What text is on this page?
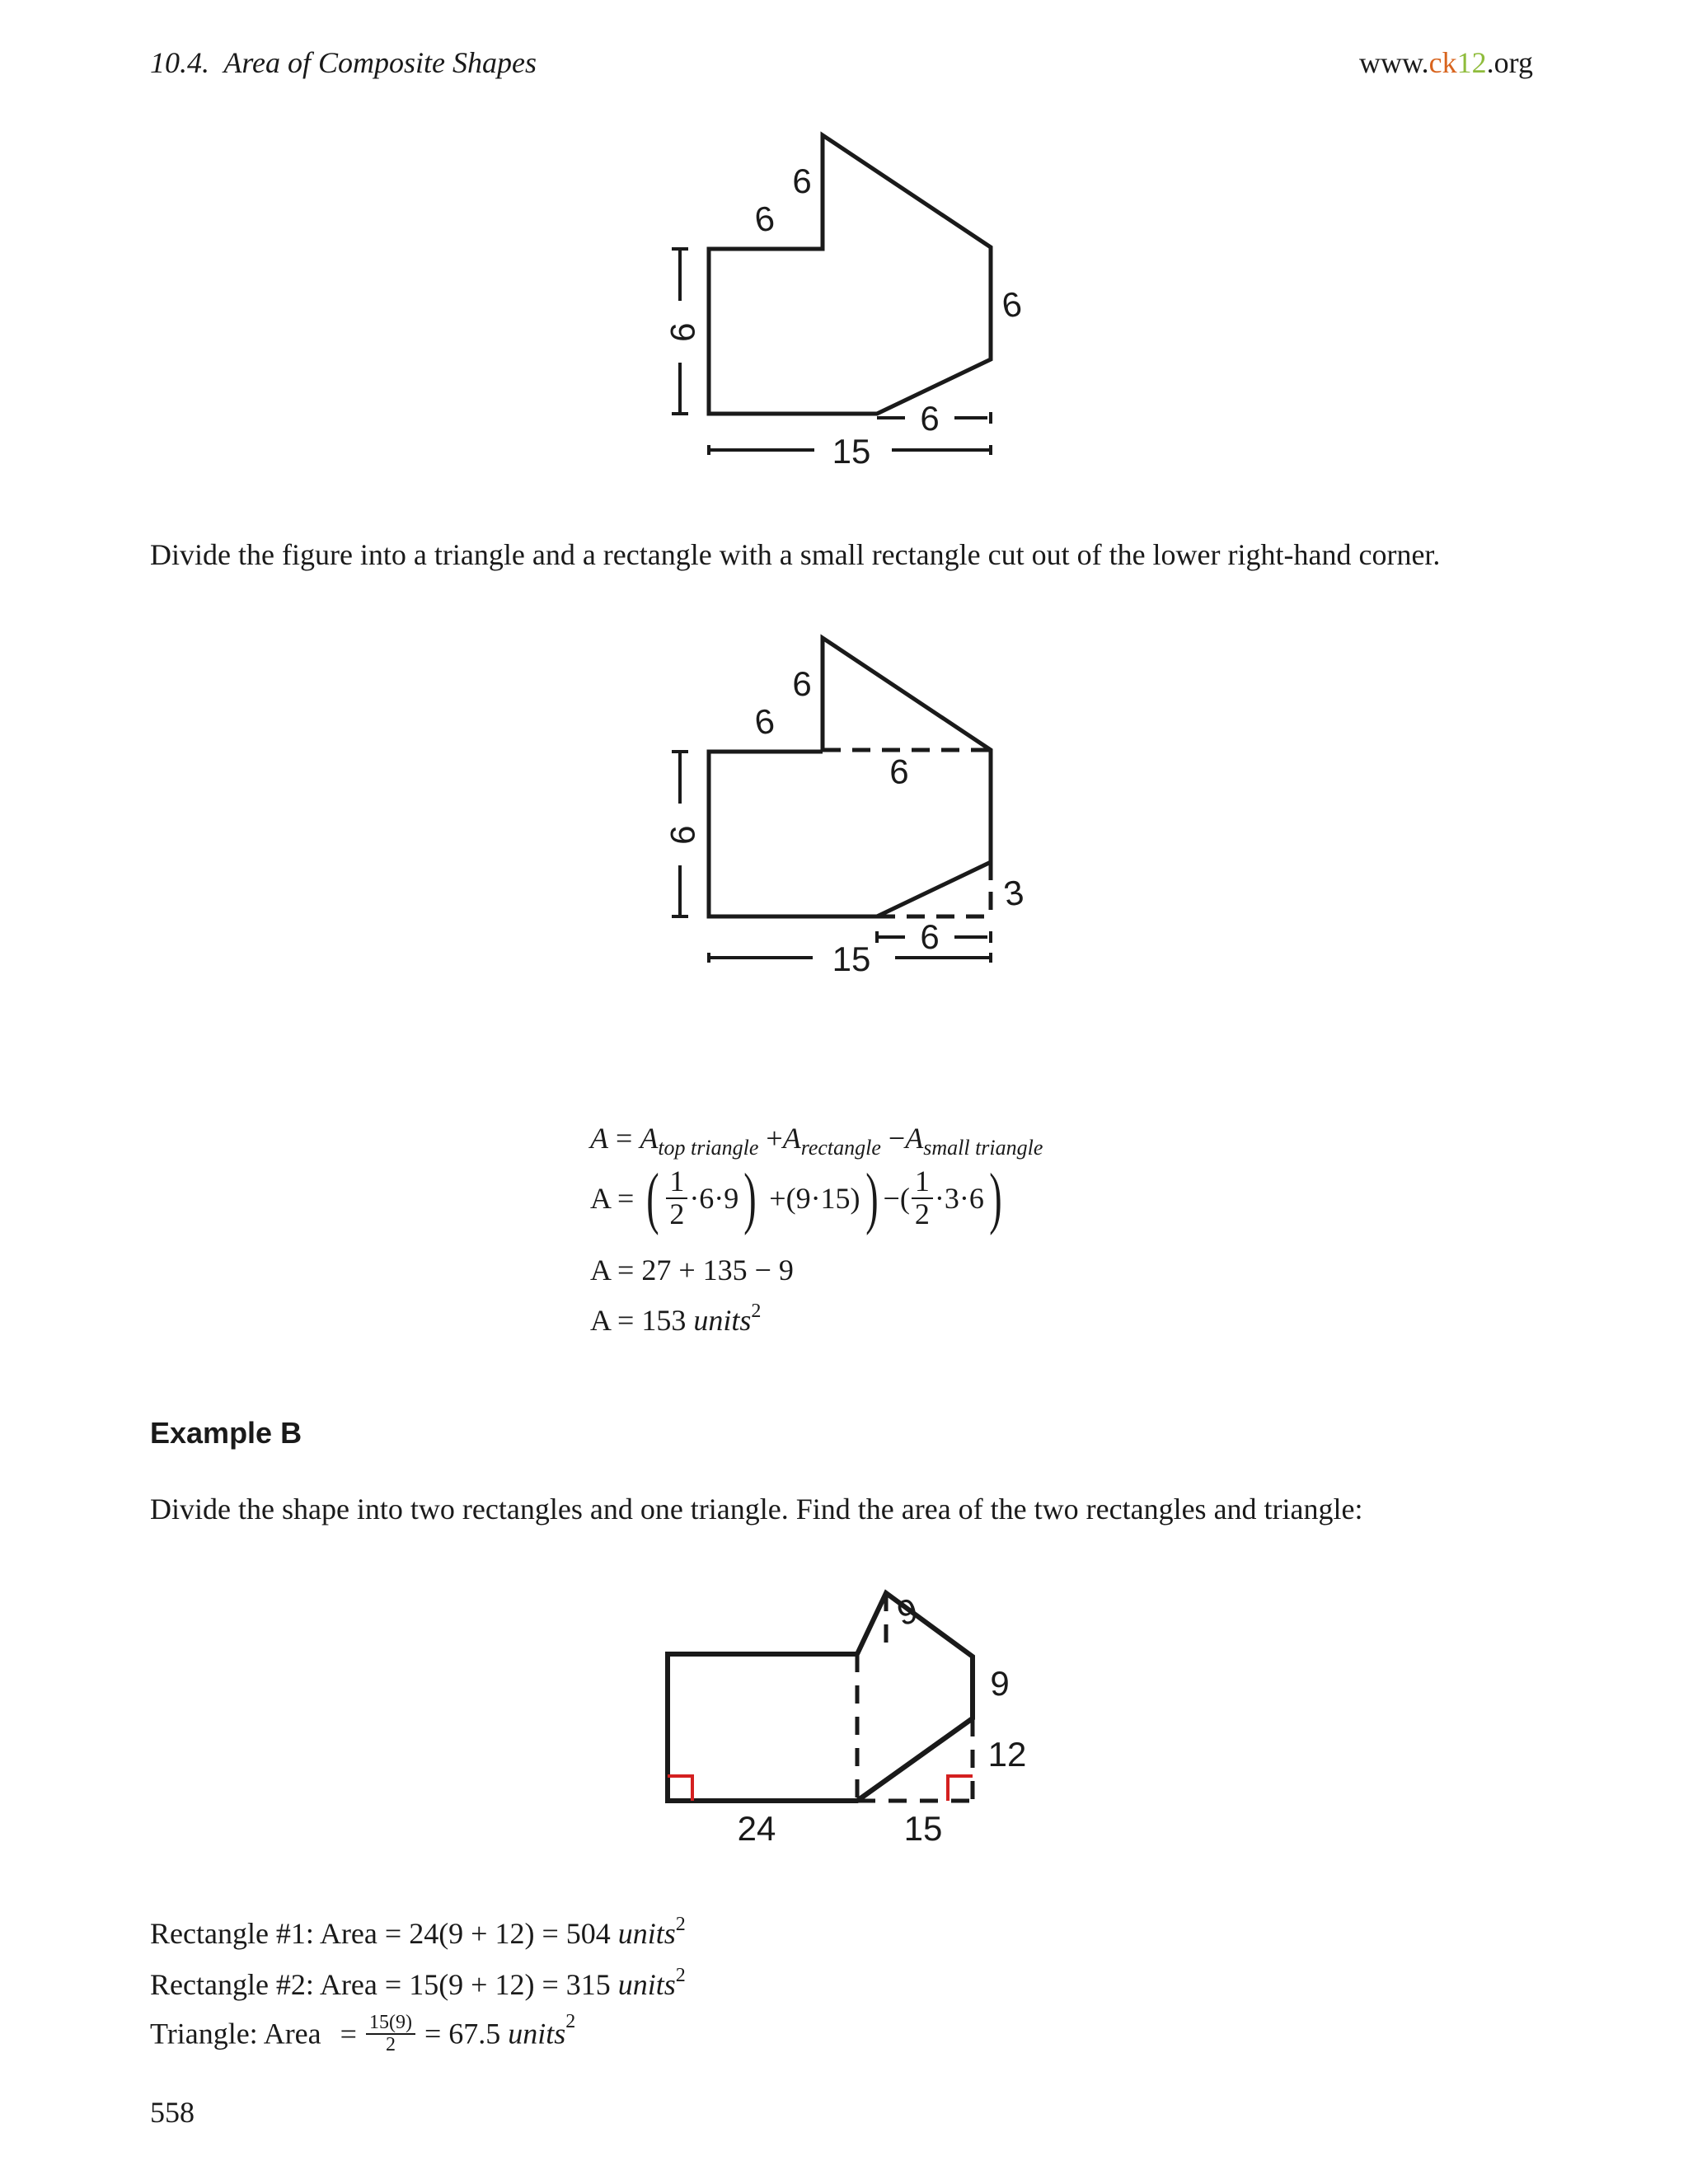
10.4. Area of Composite Shapes	www.ck12.org
9
6
6
6
15
6
Divide the figure into a triangle and a rectangle with a small rectangle cut out of the lower right-hand corner.
9
6
6
9
3
15
6
$A = A_{top triangle} +A_{rectangle} -A_{small triangle}$
A = ( $\frac{1}{2} \cdot 6\cdot 9) +(9\cdot 15)$) −( $\frac{1}{2} \cdot 3\cdot 6$)
A = 27 + 135 − 9
A = 153 units$^2$
Example B
Divide the shape into two rectangles and one triangle. Find the area of the two rectangles and triangle:
9
9
12
24	15
Rectangle #1: Area = 24(9 + 12) = 504 units$^2$
Rectangle #2: Area = 15(9 + 12) = 315 units$^2$
Triangle: Area = $\frac{15(9)}{2} = 67.5$ units$^2$
558
